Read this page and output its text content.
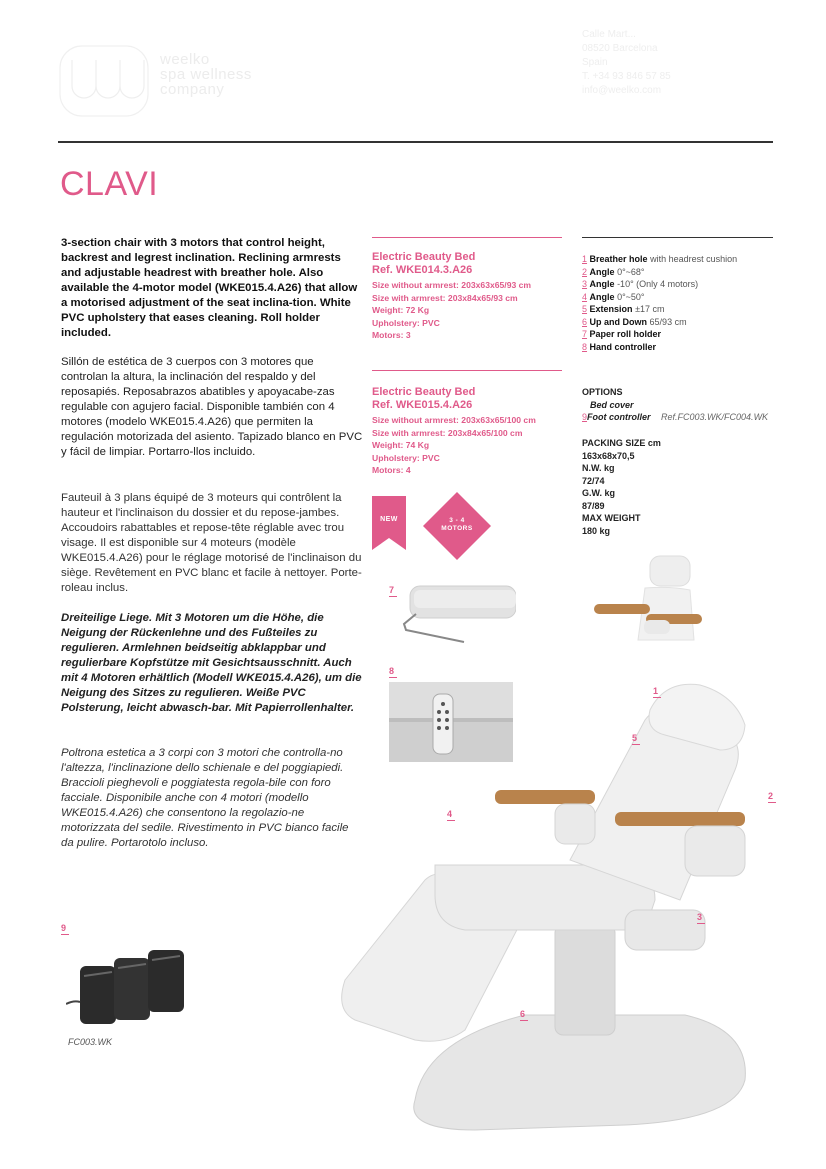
weelko
spa wellness
company
Calle Mart...
08520 Barcelona
Spain
T. +34 93 846 57 85
info@weelko.com
CLAVI
3-section chair with 3 motors that control height, backrest and legrest inclination. Reclining armrests and adjustable headrest with breather hole. Also available the 4-motor model (WKE015.4.A26) that allow a motorised adjustment of the seat inclina-tion. White PVC upholstery that eases cleaning. Roll holder included.
Sillón de estética de 3 cuerpos con 3 motores que controlan la altura, la inclinación del respaldo y del reposapiés. Reposabrazos abatibles y apoyacabe-zas regulable con agujero facial. Disponible también con 4 motores (modelo WKE015.4.A26) que permiten la regulación motorizada del asiento. Tapizado blanco en PVC y fácil de limpiar. Portarro-llos incluido.
Fauteuil à 3 plans équipé de 3 moteurs qui contrôlent la hauteur et l'inclinaison du dossier et du repose-jambes. Accoudoirs rabattables et repose-tête réglable avec trou visage. Il est disponible sur 4 moteurs (modèle WKE015.4.A26) pour le réglage motorisé de l'inclinaison du siège. Revêtement en PVC blanc et facile à nettoyer. Porte-roleau inclus.
Dreiteilige Liege. Mit 3 Motoren um die Höhe, die Neigung der Rückenlehne und des Fußteiles zu regulieren. Armlehnen beidseitig abklappbar und regulierbare Kopfstütze mit Gesichtsausschnitt. Auch mit 4 Motoren erhältlich (Modell WKE015.4.A26), um die Neigung des Sitzes zu regulieren. Weiße PVC Polsterung, leicht abwasch-bar. Mit Papierrollenhalter.
Poltrona estetica a 3 corpi con 3 motori che controlla-no l'altezza, l'inclinazione dello schienale e del poggiapiedi. Braccioli pieghevoli e poggiatesta regola-bile con foro facciale. Disponibile anche con 4 motori (modello WKE015.4.A26) che consentono la regolazio-ne motorizzata del sedile. Rivestimento in PVC bianco facile da pulire. Portarotolo incluso.
Electric Beauty Bed
Ref. WKE014.3.A26
Size without armrest: 203x63x65/93 cm
Size with armrest: 203x84x65/93 cm
Weight: 72 Kg
Upholstery: PVC
Motors: 3
Electric Beauty Bed
Ref. WKE015.4.A26
Size without armrest: 203x63x65/100 cm
Size with armrest: 203x84x65/100 cm
Weight: 74 Kg
Upholstery: PVC
Motors: 4
NEW	3 - 4
MOTORS
1 Breather hole with headrest cushion
2 Angle 0°~68°
3 Angle -10° (Only 4 motors)
4 Angle 0°~50°
5 Extension ±17 cm
6 Up and Down 65/93 cm
7 Paper roll holder
8 Hand controller
OPTIONS
Bed cover
9Foot controller Ref.FC003.WK/FC004.WK
PACKING SIZE cm
163x68x70,5
N.W. kg
72/74
G.W. kg
87/89
MAX WEIGHT
180 kg
7
8
9
FC003.WK
1
5
2
4
3
6
